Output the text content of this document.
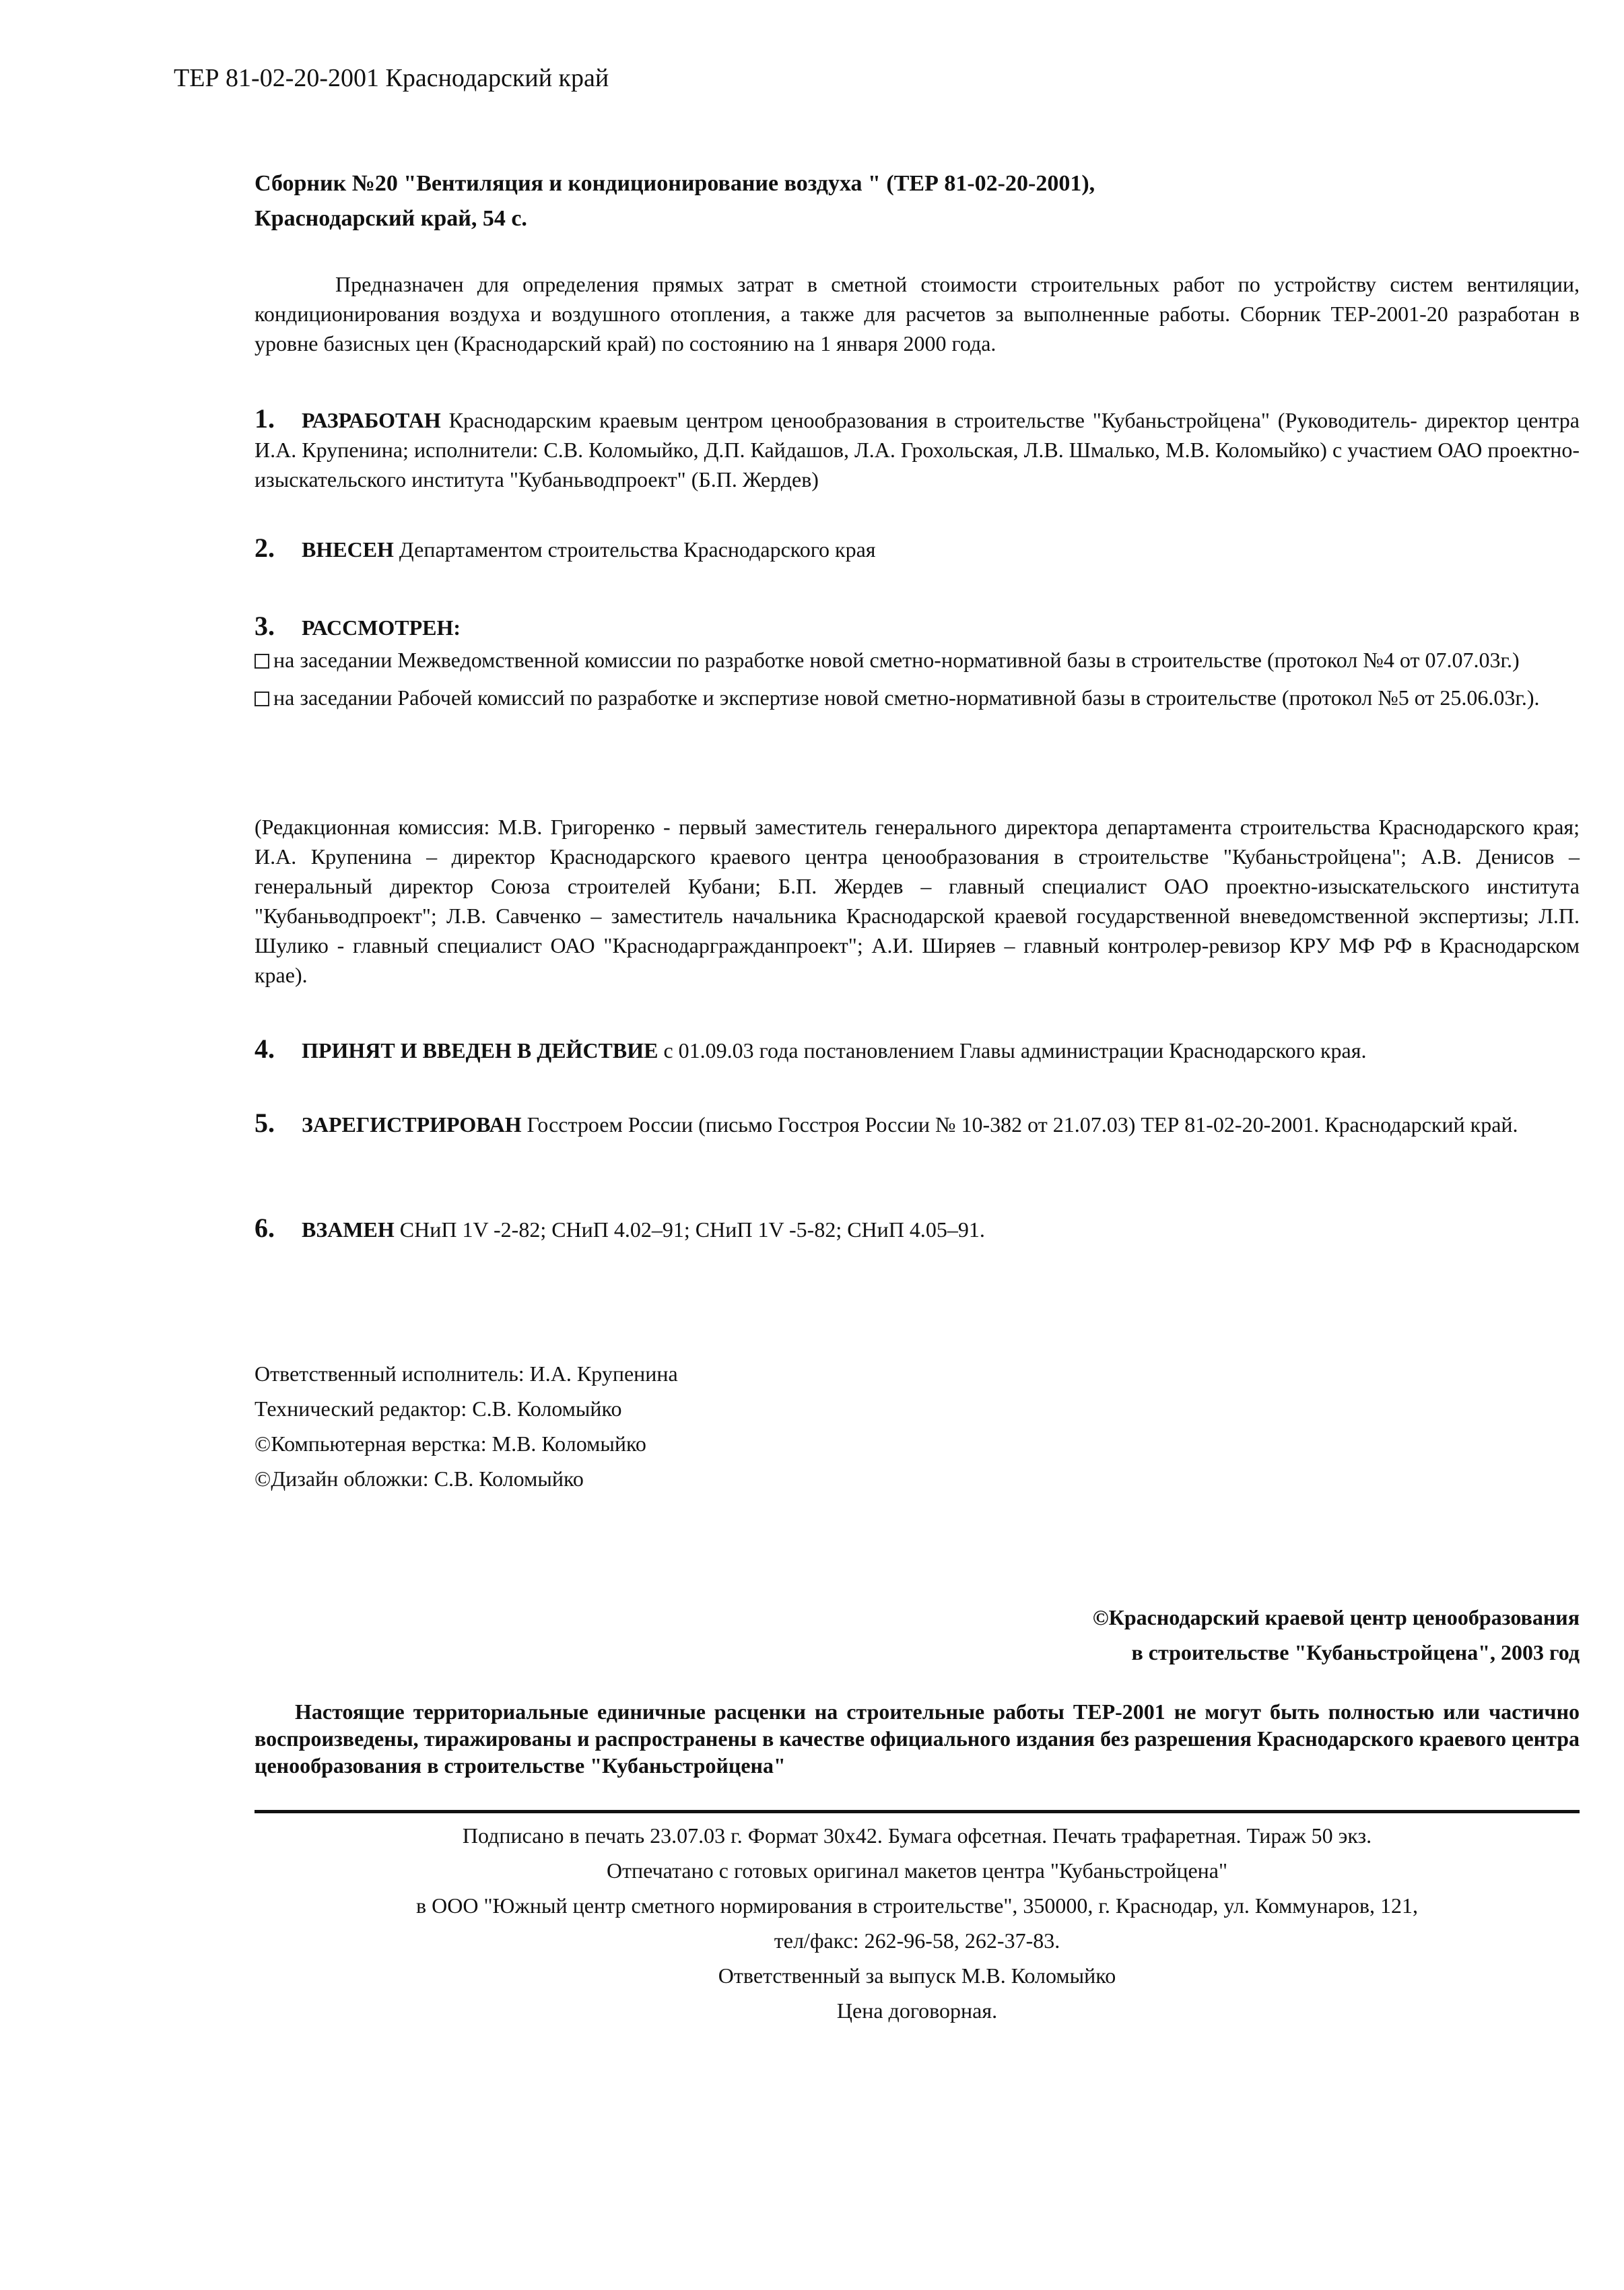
ТЕР 81-02-20-2001 Краснодарский край
Сборник №20 "Вентиляция и кондиционирование воздуха " (ТЕР 81-02-20-2001),
Краснодарский край, 54 с.
Предназначен для определения прямых затрат в сметной стоимости строительных работ по устройству систем вентиляции, кондиционирования воздуха и воздушного отопления, а также для расчетов за выполненные работы. Сборник ТЕР-2001-20 разработан в уровне базисных цен (Краснодарский край) по состоянию на 1 января 2000 года.
1. РАЗРАБОТАН Краснодарским краевым центром ценообразования в строительстве "Кубаньстройцена" (Руководитель- директор центра И.А. Крупенина; исполнители: С.В. Коломыйко, Д.П. Кайдашов, Л.А. Грохольская, Л.В. Шмалько, М.В. Коломыйко) с участием ОАО проектно-изыскательского института "Кубаньводпроект" (Б.П. Жердев)
2. ВНЕСЕН Департаментом строительства Краснодарского края
3. РАССМОТРЕН:
на заседании Межведомственной комиссии по разработке новой сметно-нормативной базы в строительстве (протокол №4 от 07.07.03г.)
на заседании Рабочей комиссий по разработке и экспертизе новой сметно-нормативной базы в строительстве (протокол №5 от 25.06.03г.).
(Редакционная комиссия: М.В. Григоренко - первый заместитель генерального директора департамента строительства Краснодарского края; И.А. Крупенина – директор Краснодарского краевого центра ценообразования в строительстве "Кубаньстройцена"; А.В. Денисов – генеральный директор Союза строителей Кубани; Б.П. Жердев – главный специалист ОАО проектно-изыскательского института "Кубаньводпроект"; Л.В. Савченко – заместитель начальника Краснодарской краевой государственной вневедомственной экспертизы; Л.П. Шулико - главный специалист ОАО "Краснодаргражданпроект"; А.И. Ширяев – главный контролер-ревизор КРУ МФ РФ в Краснодарском крае).
4. ПРИНЯТ И ВВЕДЕН В ДЕЙСТВИЕ с 01.09.03 года постановлением Главы администрации Краснодарского края.
5. ЗАРЕГИСТРИРОВАН Госстроем России (письмо Госстроя России № 10-382 от 21.07.03) ТЕР 81-02-20-2001. Краснодарский край.
6. ВЗАМЕН СНиП 1V -2-82; СНиП 4.02–91; СНиП 1V -5-82; СНиП 4.05–91.
Ответственный исполнитель: И.А. Крупенина
Технический редактор: С.В. Коломыйко
©Компьютерная верстка: М.В. Коломыйко
©Дизайн обложки: С.В. Коломыйко
©Краснодарский краевой центр ценообразования
в строительстве "Кубаньстройцена", 2003 год
Настоящие территориальные единичные расценки на строительные работы ТЕР-2001 не могут быть полностью или частично воспроизведены, тиражированы и распространены в качестве официального издания без разрешения Краснодарского краевого центра ценообразования в строительстве "Кубаньстройцена"
Подписано в печать 23.07.03 г. Формат 30х42. Бумага офсетная. Печать трафаретная. Тираж 50 экз.
Отпечатано с готовых оригинал макетов центра "Кубаньстройцена"
в ООО "Южный центр сметного нормирования в строительстве", 350000, г. Краснодар, ул. Коммунаров, 121,
тел/факс: 262-96-58, 262-37-83.
Ответственный за выпуск М.В. Коломыйко
Цена договорная.
